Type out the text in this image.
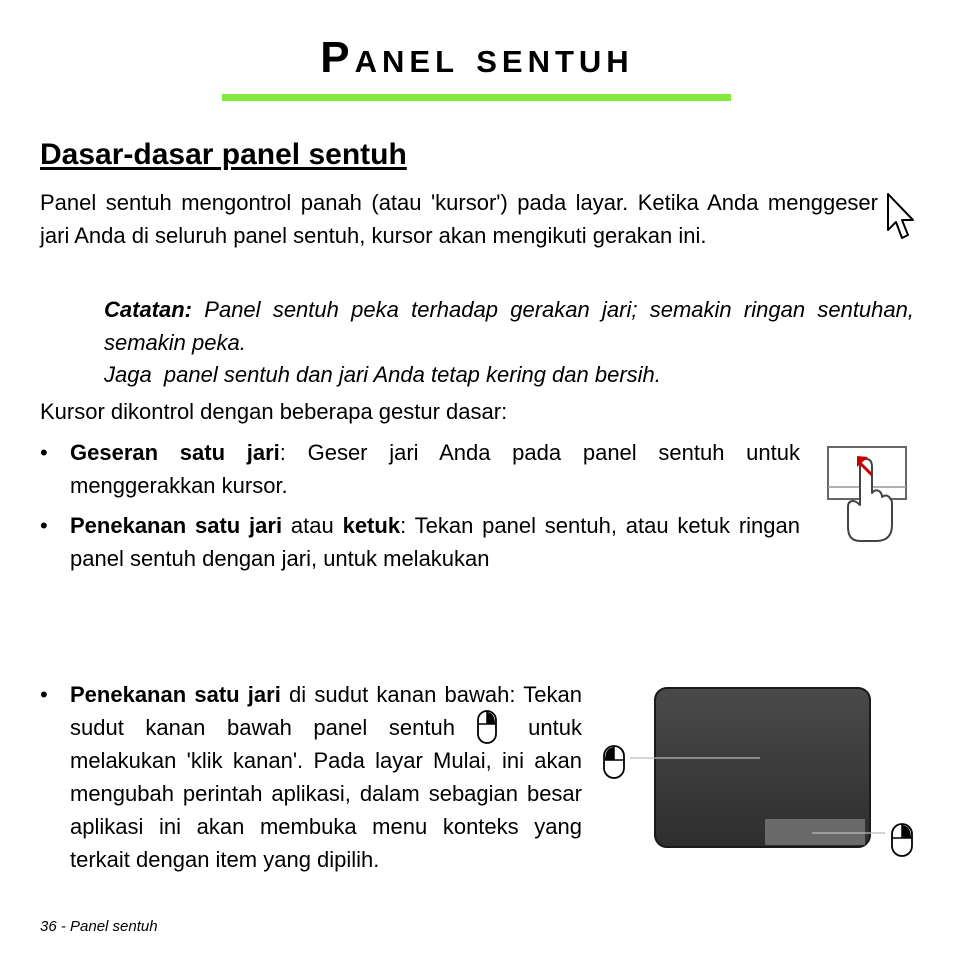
Panel sentuh
Dasar-dasar panel sentuh
Panel sentuh mengontrol panah (atau 'kursor') pada layar. Ketika Anda menggeser jari Anda di seluruh panel sentuh, kursor akan mengikuti gerakan ini.
Catatan: Panel sentuh peka terhadap gerakan jari; semakin ringan sentuhan, semakin peka.
Jaga  panel sentuh dan jari Anda tetap kering dan bersih.
Kursor dikontrol dengan beberapa gestur dasar:
• Geseran satu jari: Geser jari Anda pada panel sentuh untuk menggerakkan kursor.
• Penekanan satu jari atau ketuk: Tekan panel sentuh, atau ketuk ringan panel sentuh dengan jari, untuk melakukan
• Penekanan satu jari di sudut kanan bawah: Tekan sudut kanan bawah panel sentuh  untuk melakukan 'klik kanan'. Pada layar Mulai, ini akan mengubah perintah aplikasi, dalam sebagian besar aplikasi ini akan membuka menu konteks yang terkait dengan item yang dipilih.
36 - Panel sentuh
